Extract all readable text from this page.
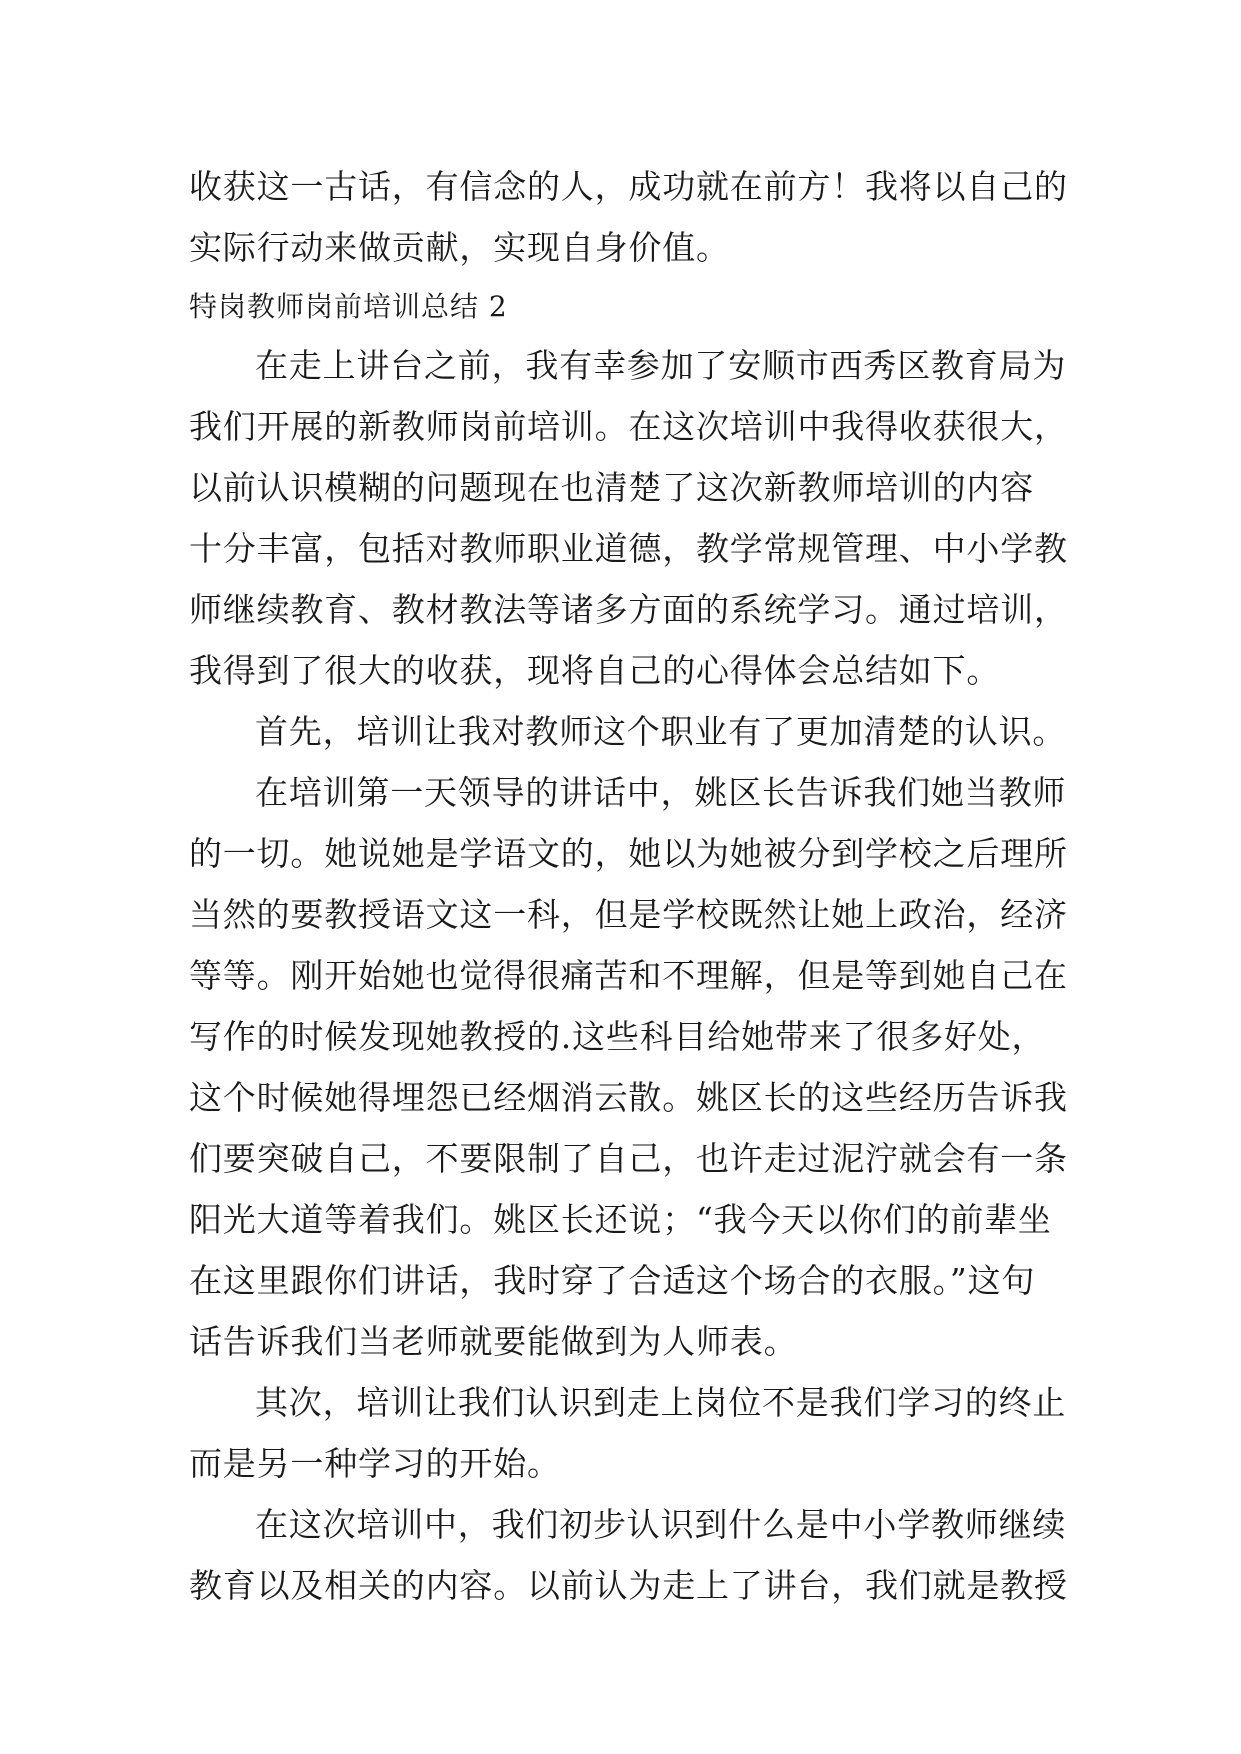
收获这一古话，有信念的人，成功就在前方！我将以自己的
实际行动来做贡献，实现自身价值。
特岗教师岗前培训总结 2
在走上讲台之前，我有幸参加了安顺市西秀区教育局为
我们开展的新教师岗前培训。在这次培训中我得收获很大，
以前认识模糊的问题现在也清楚了这次新教师培训的内容
十分丰富，包括对教师职业道德，教学常规管理、中小学教
师继续教育、教材教法等诸多方面的系统学习。通过培训，
我得到了很大的收获，现将自己的心得体会总结如下。
首先，培训让我对教师这个职业有了更加清楚的认识。
在培训第一天领导的讲话中，姚区长告诉我们她当教师
的一切。她说她是学语文的，她以为她被分到学校之后理所
当然的要教授语文这一科，但是学校既然让她上政治，经济
等等。刚开始她也觉得很痛苦和不理解，但是等到她自己在
写作的时候发现她教授的.这些科目给她带来了很多好处，
这个时候她得埋怨已经烟消云散。姚区长的这些经历告诉我
们要突破自己，不要限制了自己，也许走过泥泞就会有一条
阳光大道等着我们。姚区长还说；“我今天以你们的前辈坐
在这里跟你们讲话，我时穿了合适这个场合的衣服。”这句
话告诉我们当老师就要能做到为人师表。
其次，培训让我们认识到走上岗位不是我们学习的终止
而是另一种学习的开始。
在这次培训中，我们初步认识到什么是中小学教师继续
教育以及相关的内容。以前认为走上了讲台，我们就是教授
